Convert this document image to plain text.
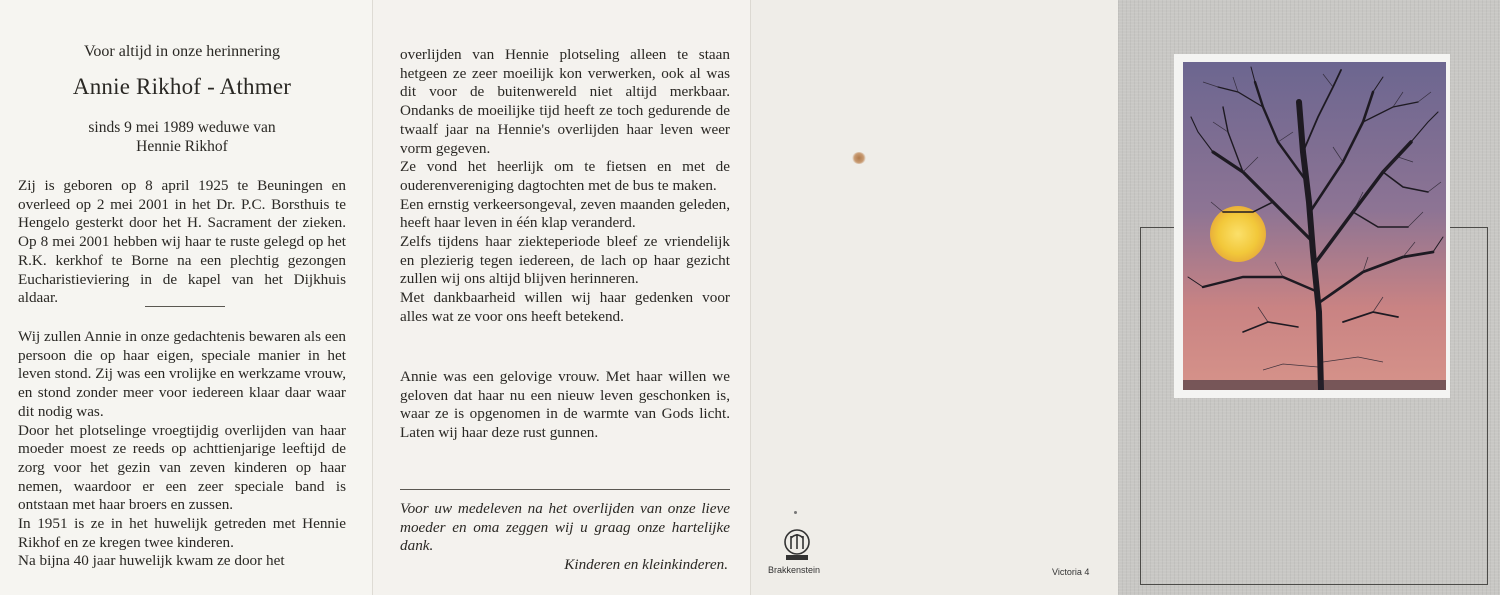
Voor altijd in onze herinnering
Annie Rikhof - Athmer
sinds 9 mei 1989 weduwe van
Hennie Rikhof

Zij is geboren op 8 april 1925 te Beuningen en overleed op 2 mei 2001 in het Dr. P.C. Borsthuis te Hengelo gesterkt door het H. Sacrament der zieken. Op 8 mei 2001 hebben wij haar te ruste gelegd op het R.K. kerkhof te Borne na een plechtig gezongen Eucharistieviering in de kapel van het Dijkhuis aldaar.

Wij zullen Annie in onze gedachtenis bewaren als een persoon die op haar eigen, speciale manier in het leven stond. Zij was een vrolijke en werkzame vrouw, en stond zonder meer voor iedereen klaar daar waar dit nodig was.

Door het plotselinge vroegtijdig overlijden van haar moeder moest ze reeds op achttienjarige leeftijd de zorg voor het gezin van zeven kinderen op haar nemen, waardoor er een zeer speciale band is ontstaan met haar broers en zussen.

In 1951 is ze in het huwelijk getreden met Hennie Rikhof en ze kregen twee kinderen.

Na bijna 40 jaar huwelijk kwam ze door het

overlijden van Hennie plotseling alleen te staan hetgeen ze zeer moeilijk kon verwerken, ook al was dit voor de buitenwereld niet altijd merkbaar. Ondanks de moeilijke tijd heeft ze toch gedurende de twaalf jaar na Hennie's overlijden haar leven weer vorm gegeven.

Ze vond het heerlijk om te fietsen en met de ouderenvereniging dagtochten met de bus te maken.

Een ernstig verkeersongeval, zeven maanden geleden, heeft haar leven in één klap veranderd.

Zelfs tijdens haar ziekteperiode bleef ze vriendelijk en plezierig tegen iedereen, de lach op haar gezicht zullen wij ons altijd blijven herinneren.

Met dankbaarheid willen wij haar gedenken voor alles wat ze voor ons heeft betekend.

Annie was een gelovige vrouw. Met haar willen we geloven dat haar nu een nieuw leven geschonken is, waar ze is opgenomen in de warmte van Gods licht. Laten wij haar deze rust gunnen.

Voor uw medeleven na het overlijden van onze lieve moeder en oma zeggen wij u graag onze hartelijke dank.

Kinderen en kleinkinderen.	Brakkenstein	Victoria 4
